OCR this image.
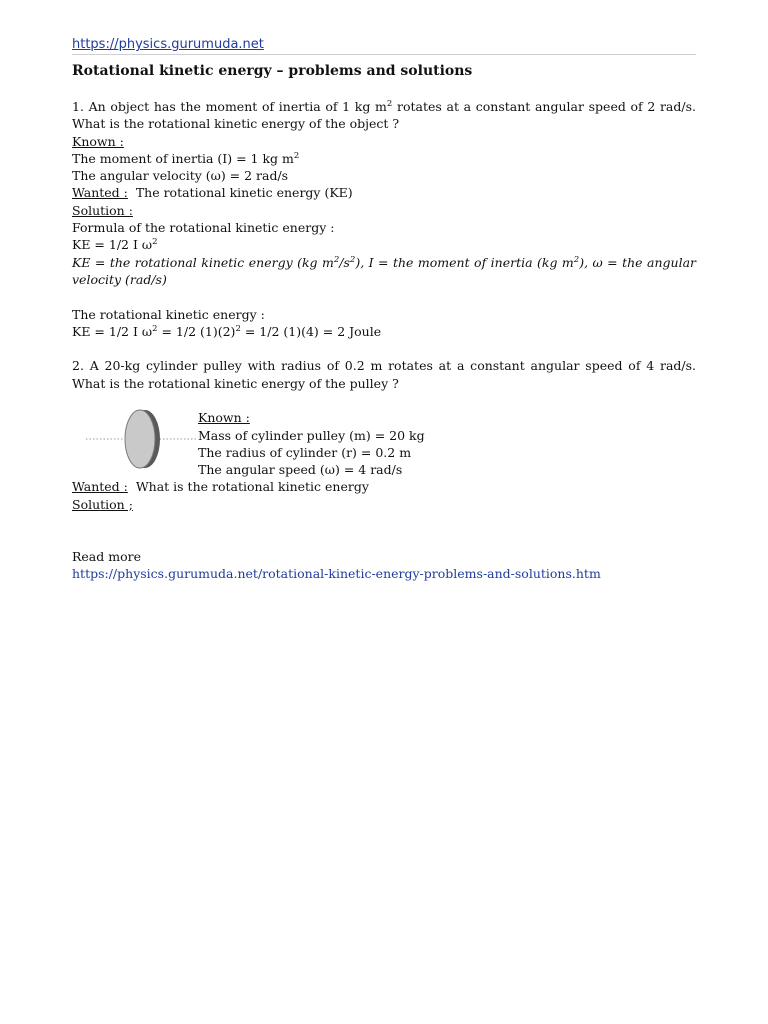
https://physics.gurumuda.net
Rotational kinetic energy – problems and solutions

1. An object has the moment of inertia of 1 kg $m^2$ rotates at a constant angular speed of 2 rad/s. What is the rotational kinetic energy of the object ?

Known :

The moment of inertia (I) = 1 kg $m^2$

The angular velocity (ω) = 2 rad/s

Wanted :  The rotational kinetic energy (KE)

Solution :

Formula of the rotational kinetic energy :

KE = 1/2 I $\omega^2$

KE = the rotational kinetic energy (kg $m^2/s^2$), I = the moment of inertia (kg $m^2$), ω = the angular velocity (rad/s)

The rotational kinetic energy :

KE = 1/2 I $\omega^2 = 1/2$ $(1)(2)^2 = 1/2$ (1)(4) = 2 Joule

2. A 20-kg cylinder pulley with radius of 0.2 m rotates at a constant angular speed of 4 rad/s. What is the rotational kinetic energy of the pulley ?

Known :

Mass of cylinder pulley (m) = 20 kg

The radius of cylinder (r) = 0.2 m

The angular speed (ω) = 4 rad/s

Wanted :  What is the rotational kinetic energy

Solution ;

Read more

https://physics.gurumuda.net/rotational-kinetic-energy-problems-and-solutions.htm
